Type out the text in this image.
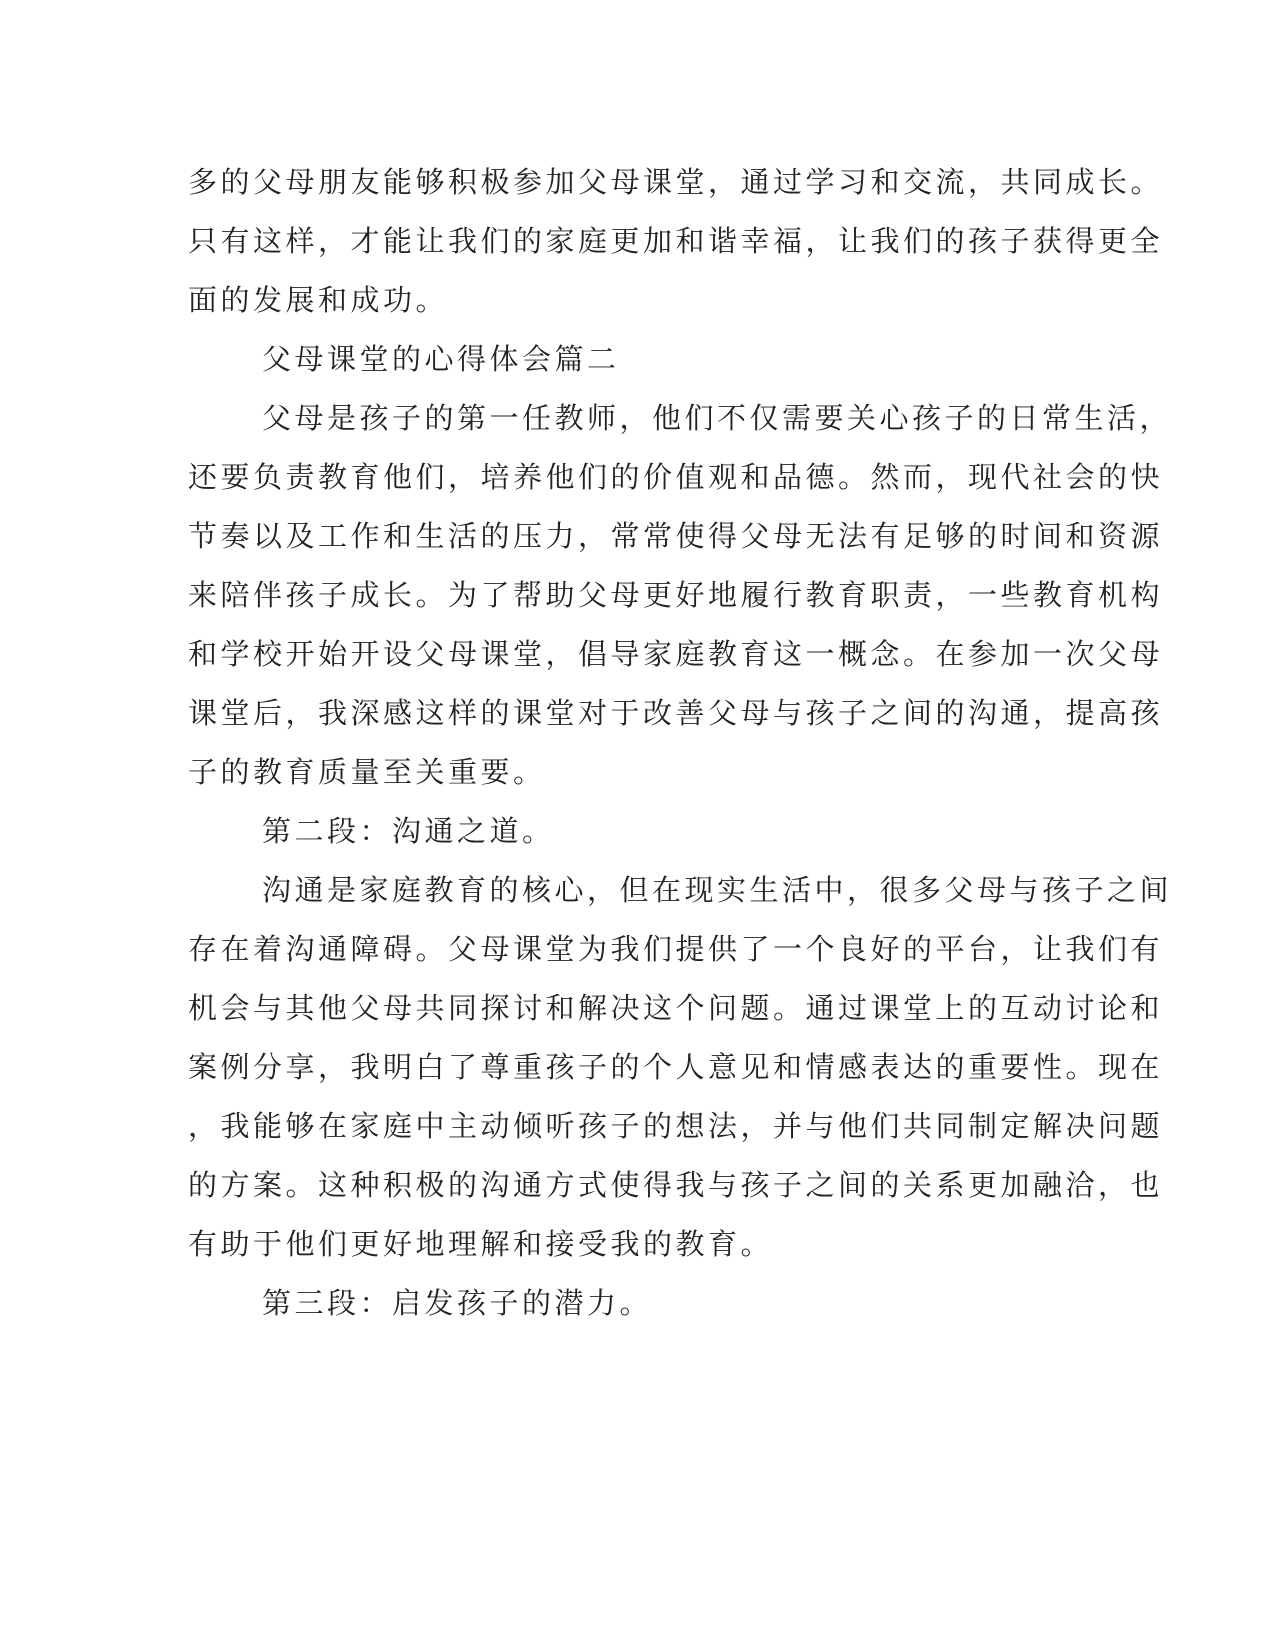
多的父母朋友能够积极参加父母课堂，通过学习和交流，共同成长。

只有这样，才能让我们的家庭更加和谐幸福，让我们的孩子获得更全

面的发展和成功。

父母课堂的心得体会篇二

父母是孩子的第一任教师，他们不仅需要关心孩子的日常生活，

还要负责教育他们，培养他们的价值观和品德。然而，现代社会的快

节奏以及工作和生活的压力，常常使得父母无法有足够的时间和资源

来陪伴孩子成长。为了帮助父母更好地履行教育职责，一些教育机构

和学校开始开设父母课堂，倡导家庭教育这一概念。在参加一次父母

课堂后，我深感这样的课堂对于改善父母与孩子之间的沟通，提高孩

子的教育质量至关重要。

第二段：沟通之道。

沟通是家庭教育的核心，但在现实生活中，很多父母与孩子之间

存在着沟通障碍。父母课堂为我们提供了一个良好的平台，让我们有

机会与其他父母共同探讨和解决这个问题。通过课堂上的互动讨论和

案例分享，我明白了尊重孩子的个人意见和情感表达的重要性。现在

，我能够在家庭中主动倾听孩子的想法，并与他们共同制定解决问题

的方案。这种积极的沟通方式使得我与孩子之间的关系更加融洽，也

有助于他们更好地理解和接受我的教育。

第三段：启发孩子的潜力。
